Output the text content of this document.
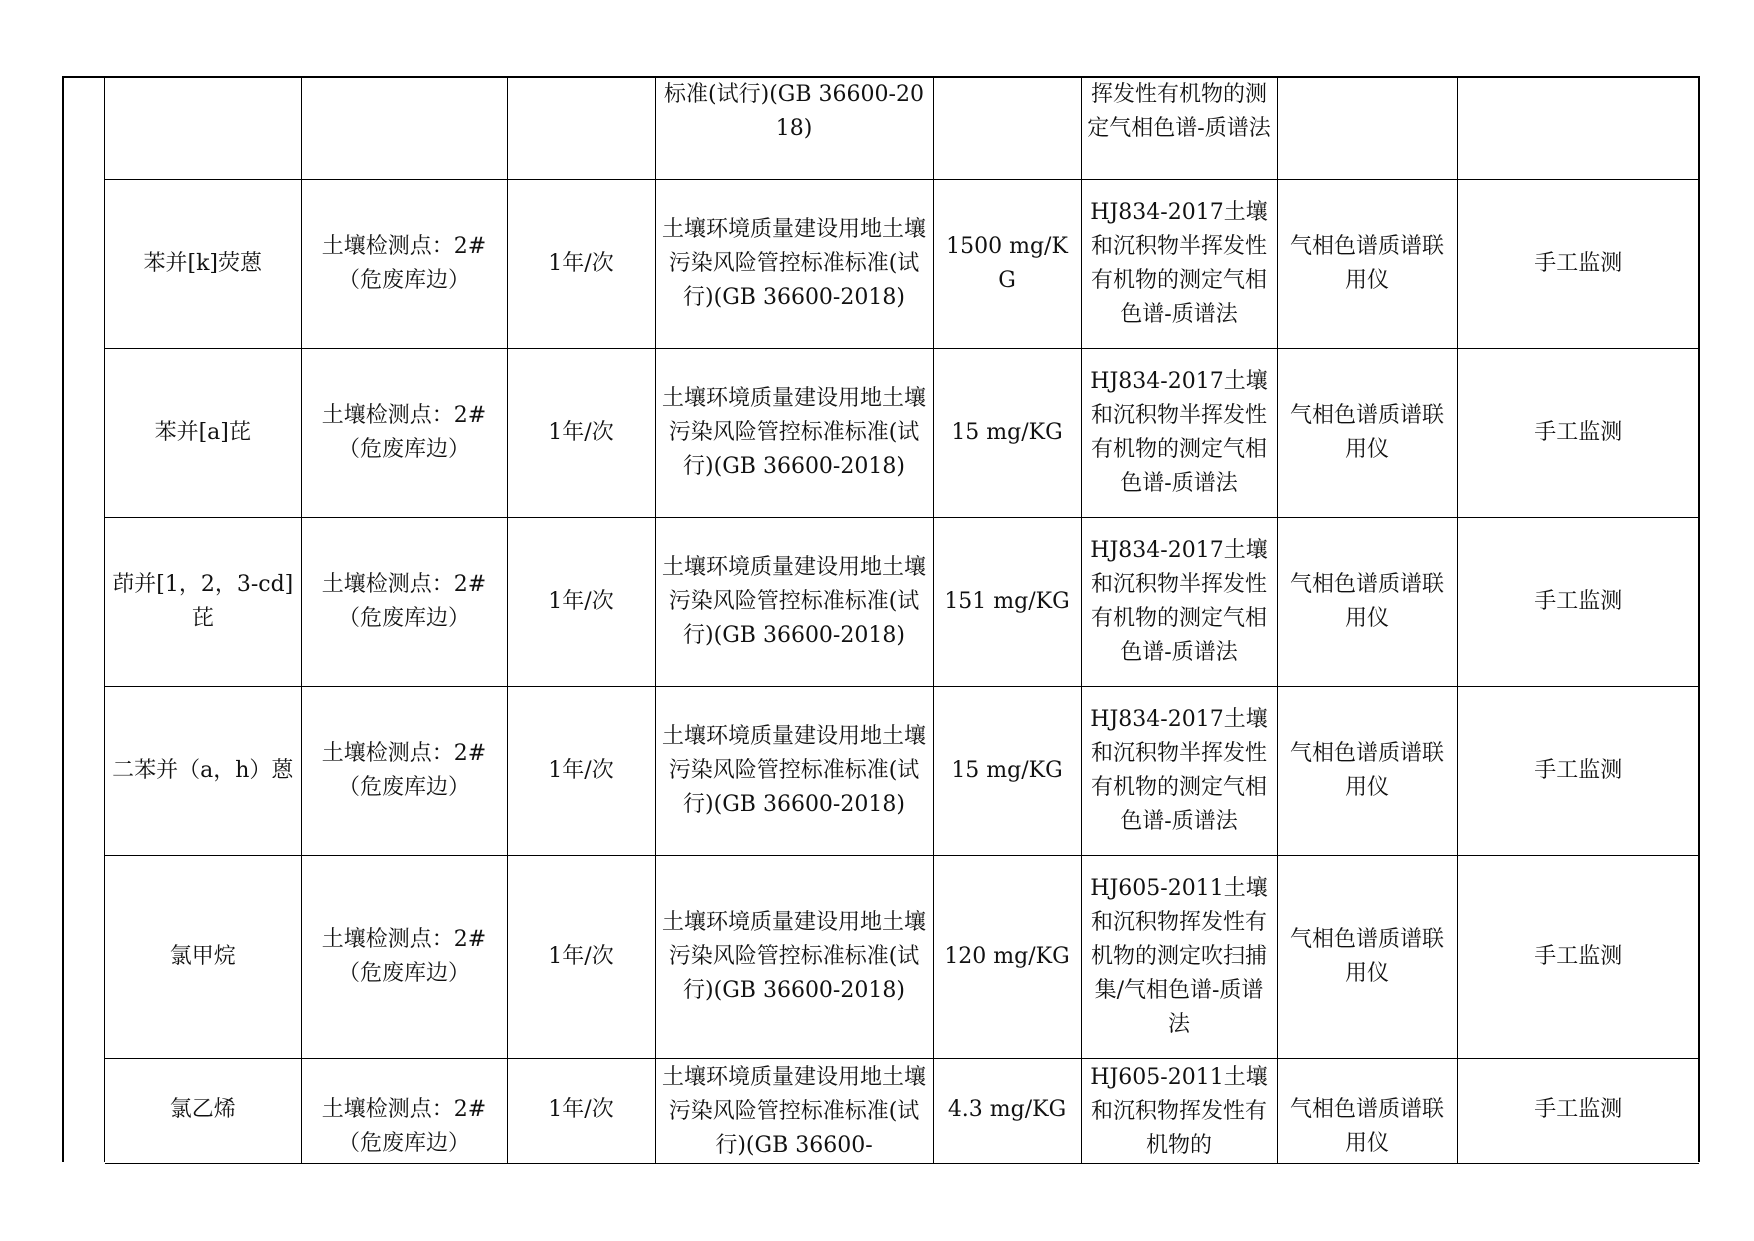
			标准(试行)(GB 36600-2018)		挥发性有机物的测定气相色谱-质谱法		
苯并[k]荧蒽	土壤检测点：2#（危废库边）	1年/次	土壤环境质量建设用地土壤污染风险管控标准标准(试行)(GB 36600-2018)	1500 mg/KG	HJ834-2017土壤和沉积物半挥发性有机物的测定气相色谱-质谱法	气相色谱质谱联用仪	手工监测
苯并[a]芘	土壤检测点：2#（危废库边）	1年/次	土壤环境质量建设用地土壤污染风险管控标准标准(试行)(GB 36600-2018)	15 mg/KG	HJ834-2017土壤和沉积物半挥发性有机物的测定气相色谱-质谱法	气相色谱质谱联用仪	手工监测
茚并[1，2，3-cd]芘	土壤检测点：2#（危废库边）	1年/次	土壤环境质量建设用地土壤污染风险管控标准标准(试行)(GB 36600-2018)	151 mg/KG	HJ834-2017土壤和沉积物半挥发性有机物的测定气相色谱-质谱法	气相色谱质谱联用仪	手工监测
二苯并（a，h）蒽	土壤检测点：2#（危废库边）	1年/次	土壤环境质量建设用地土壤污染风险管控标准标准(试行)(GB 36600-2018)	15 mg/KG	HJ834-2017土壤和沉积物半挥发性有机物的测定气相色谱-质谱法	气相色谱质谱联用仪	手工监测
氯甲烷	土壤检测点：2#（危废库边）	1年/次	土壤环境质量建设用地土壤污染风险管控标准标准(试行)(GB 36600-2018)	120 mg/KG	HJ605-2011土壤和沉积物挥发性有机物的测定吹扫捕集/气相色谱-质谱法	气相色谱质谱联用仪	手工监测
氯乙烯	土壤检测点：2#（危废库边）	1年/次	土壤环境质量建设用地土壤污染风险管控标准标准(试行)(GB 36600-	4.3 mg/KG	HJ605-2011土壤和沉积物挥发性有机物的	气相色谱质谱联用仪	手工监测
